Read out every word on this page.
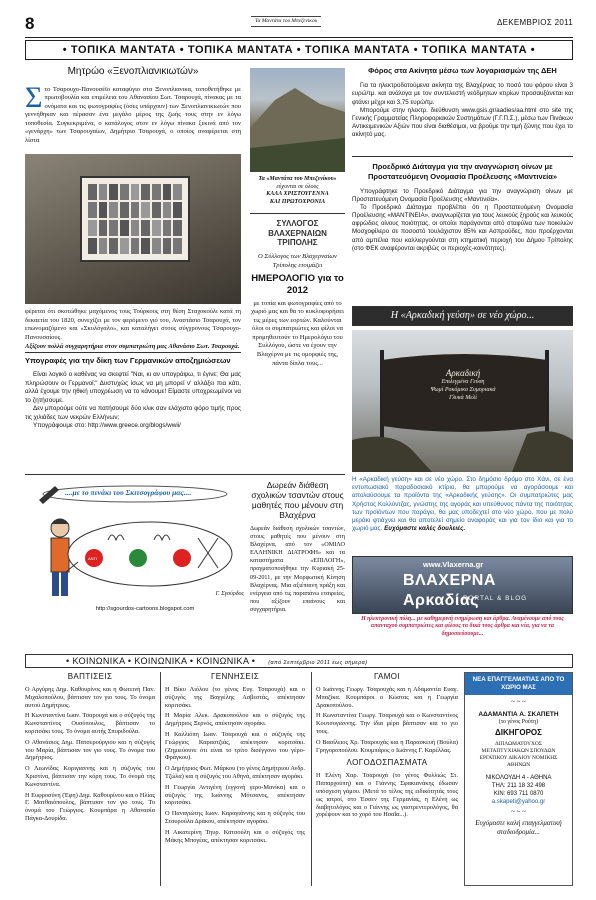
8	Τα Μαντάτα του Μπεζενίκου	ΔΕΚΕΜΒΡΙΟΣ 2011
• ΤΟΠΙΚΑ ΜΑΝΤΑΤΑ • ΤΟΠΙΚΑ ΜΑΝΤΑΤΑ • ΤΟΠΙΚΑ ΜΑΝΤΑΤΑ • ΤΟΠΙΚΑ ΜΑΝΤΑΤΑ •
Μητρώο «Ξενοπλιανικιωτών»
Στο Τσαρουχο-Πανουσέϊο καταφύγιο στα Ξενοπλιανικα, τοποθετήθηκε με πρωτοβουλία και επιμέλεια του Αθανασίου Σωτ. Τσαρουχά, πίνακας με τα ονόματα και τις φωτογραφίες (όσες υπάρχουν) των Ξενοπλιανικιωτών που γεννήθηκαν και πέρασαν ένα μεγάλο μέρος της ζωής τους στην εν λόγω τοποθεσία. Συγκεκριμένα, ο κατάλογος στον εν λόγω πίνακα ξεκινά από τον «γενάρχη» των Τσαρουχαίων, Δημήτριο Τσαρουχά, ο οποίος αναφέρεται στη λίστα
φέρεται ότι σκοτώθηκε μαχόμενος τους Τούρκους στη θέση Σταχοκούλι κατά τη δεκαετία του 1820, συνεχίζει με τον φερόμενο γιό του, Αναστάσιο Τσαρουχά, τον επωνομαζόμενο και «Σκυλόγαλο», και καταλήγει στους σύγχρονους Τσαρουχο-Πανουσαίους.
Αξίζουν πολλά συγχαρητήρια στον συμπατριώτη μας Αθανάσιο Σωτ. Τσαρουχά.
Υπογραφές για την δίκη των Γερμανικών αποζημιώσεων

Είναι λογικό ο καθένας να σκεφτεί "Ναι, κι αν υπογράψω, τι έγινε; Θα μας πληρώσουν οι Γερμανοί;" Δυστυχώς ίσως να μη μπορεί ν' αλλάξει πια κάτι, αλλά έχουμε την ηθική υποχρέωση να το κάνουμε! Είμαστε υποχρεωμένοι να το ζητήσουμε.

Δεν μπορούμε ούτε να πατήσουμε δύο κλικ σαν ελάχιστο φόρο τιμής προς τις χιλιάδες των νεκρών Ελλήνων;

Υπογράφουμε στο: http://www.greece.org/blogs/wwii/

....με το πενάκι του Σκιτσογράφου μας....
ΑΝΤΙ
Γ. Σγούρδος
http://sgourdos-cartoons.blogspot.com
Τα «Μαντάτα του Μπεζενίκου»
εύχονται σε όλους
ΚΑΛΑ ΧΡΙΣΤΟΥΓΕΝΝΑ
ΚΑΙ ΠΡΩΤΟΧΡΟΝΙΑ
ΣΥΛΛΟΓΟΣ ΒΛΑΧΕΡΝΑΙΩΝ ΤΡΙΠΟΛΗΣ
Ο Σύλλογος των Βλαχερναίων Τρίπολης ετοιμάζει
ΗΜΕΡΟΛΟΓΙΟ για το 2012
με τοπία και φωτογραφίες από το χωριό μας και θα το κυκλοφορήσει τις μέρες των εορτών. Καλούνται όλοι οι συμπατριώτες και φίλοι να προμηθευτούν το Ημερολόγιο του Συλλόγου, ώστε να έχουν την Βλαχέρνα με τις ομορφιές της, πάντα δίπλα τους...
Δωρεάν διάθεση σχολικών τσαντών στους μαθητές που μένουν στη Βλαχέρνα
Δωρεάν διάθεση σχολικών τσαντών, στους μαθητές που μένουν στη Βλαχέρνα, από τον «ΟΜΙΛΟ ΕΛΛΗΝΙΚΗ ΔΙΑΤΡΟΦΗ» και τα καταστήματα «ΕΠΙΛΟΓΗ», πραγματοποιήθηκε την Κυριακή 25-09-2011, με την Μορφωτική Κίνηση Βλαχέρνας. Μια αξιέπαινη πράξη και ενέργεια από τις παραπάνω εταιρείες, που αξίζουν επαίνους και συγχαρητήρια.
Φόρος στα Ακίνητα μέσω των λογαριασμών της ΔΕΗ

Για τα ηλεκτροδοτούμενα ακίνητα της Βλαχέρνας το ποσό του φόρου είναι 3 ευρώ/τμ. και ανάλογα με τον συντελεστή νεόδμητων κτιρίων προσαυξάνεται και φτάνει μέχρι και 3,75 ευρώ/τμ.

Μπορούμε στην ηλεκτρ. διεύθυνση www.gsis.gr/aadies/aa.html στο site της Γενικής Γραμματείας Πληροφοριακών Συστημάτων (Γ.Γ.Π.Σ.), μέσω των Πινάκων Αντικειμενικών Αξιών που είναι διαθέσιμοι, να βρούμε την τιμή ζώνης που έχει το ακίνητό μας.

Προεδρικό Διάταγμα για την αναγνώριση οίνων με Προστατευόμενη Ονομασία Προέλευσης «Μαντινεία»

Υπογράφτηκε το Προεδρικό Διάταγμα για την αναγνώριση οίνων με Προστατευόμενη Ονομασία Προέλευσης «Μαντινεία».

Το Προεδρικό Διάταγμα προβλέπει ότι η Προστατευόμενη Ονομασία Προέλευσης «MANTINEIA», αναγνωρίζεται για τους λευκούς ξηρούς και λευκούς αφρώδεις οίνους ποιότητας, οι οποίοι παράγονται από σταφύλια των ποικιλιών Μοσχοφίλερο σε ποσοστό τουλάχιστον 85% και Ασπρούδες, που προέρχονται από αμπέλια που καλλιεργούνται στη κτηματική περιοχή του Δήμου Τρίπολης (στο ΦΕΚ αναφέρονται ακριβώς οι περιοχές-κοινότητες).

Η «Αρκαδική γεύση» σε νέο χώρο...
Αρκαδική
Επιλεγμένα Γεύση
Ψωμί Ροκόμικο Συμοριακά
Γλυκά Μελί
Η «Αρκαδική γεύση» και σε νέο χώρο. Στο δημόσιο δρόμο στο Χάνι, σε ένα εντυπωσιακό παραδοσιακό κτίριο, θα μπορούμε να αγοράσουμε και απολαύσουμε τα προϊόντα της «Αρκαδικής γεύσης». Οι συμπατριώτες μας Χρήστος Κολλύντζας, γνώστης της αγοράς και υπεύθυνος πάντα της ποιότητας των προϊόντων που παράγει, θα μας υποδεχτεί στο νέο χώρο, που με πολύ μεράκι φτιάχνει και θα αποτελεί σημείο αναφοράς και για τον ίδιο και για το χωριό μας. Ευχόμαστε καλές δουλειές.
www.Vlaxerna.gr
ΒΛΑΧΕΡΝΑ Αρκαδίας
PORTAL & BLOG
Η ηλεκτρονική πύλη... με καθημερινή ενημέρωση και άρθρα. Αναμένουμε από τους απανταχού συμπατριώτες και φίλους τα δικά τους άρθρα και νέα, για να τα δημοσιεύσουμε...
• ΚΟΙΝΩΝΙΚΑ • ΚΟΙΝΩΝΙΚΑ • ΚΟΙΝΩΝΙΚΑ • (από Σεπτέμβριο 2011 έως σήμερα)
ΒΑΠΤΙΣΕΙΣ
Ο Αργύρης Δημ. Καθουρίνος και η Φωτεινή Παν. Μιχαλοπούλου, βάπτισαν τον γιο τους. Το όνομα αυτού Δημήτριος.
Η Κωνσταντίνα Ιωαν. Τσαρουχά και ο σύζυγός της Κωνσταντίνος Ουσόπουλος, βάπτισαν το κοριτσάκι τους. Το όνομα αυτής Σπυριδούλα.
Ο Αθανάσιος Δημ. Πατσερούργιου και η σύζυγός του Μαρία, βάπτισαν τον γιο τους. Το όνομα του Δημήτριος.
Ο Λεωνίδας Κοριγιαννης και η σύζυγός του Χριστίνα, βάπτισαν την κόρη τους. Το όνομά της Κωνσταντίνα.
Η Ευφροσύνη (Έφη) Δημ. Καθουρίνου και ο Ηλίας Γ. Ματθαιόπουλος, βάπτισαν τον γιο τους. Το όνομά του Γεώργιος. Κουμπάρα η Αθανασία Πάγκα-Δουρίδα.
ΓΕΝΝΗΣΕΙΣ
Η Βίκυ Λιόλου (το γένος Ευγ. Τσαρουχά) και ο σύζυγός της Βαγγέλης Ασβεστάς, απέκτησαν κοριτσάκι.
Η Μαρία Αλεκ. Δρακοπούλου και ο σύζυγός της Δημήτριος Ξερνός, απέκτησαν αγοράκι.
Η Καλλιόπη Ιωαν. Τσαρουχά και ο σύζυγός της Γεώργιος Καραστζιάς, απέκτησαν κοριτσάκι. (Ζημιεύουνε ότι είναι το τρίτο δισέγγονο του γέρο-Φράγκου).
Ο Δημήτριος Φωτ. Μάρκου (το γένος Δημήτριου Ανδρ. Τζώλα) και η σύζυγός του Αθηνά, απέκτησαν αγοράκι.
Η Γεωργία Αντιγένη (εγγονή γερο-Μανίκα) και ο σύζυγός της Ιωάννης Μότσανος, απέκτησαν κοριτσάκι.
Ο Παναγιώτης Ιωαν. Καραγιάννης και η σύζυγός του Σταυρούλα Δράκου, απέκτησαν αγοράκι.
Η Αικατερίνη Τηυρ. Κατσούλη και ο σύζυγός της Μάκης Μπογέας, απέκτησαν κοριτσάκι.
ΓΑΜΟΙ
Ο Ιωάννης Γεωργ. Τσαρουχάς και η Αδαμαντία Ευαγ. Μπαζίκα. Κουμπάροι ο Κώστας και η Γεωργία Δρακοπούλου.
Η Κωνσταντίνα Γεωργ. Τσαρουχά και ο Κωνσταντίνος Κουτσογιάννης. Την ίδια μέρα βάπτισαν και το γιο τους.
Ο Βασίλειος Χρ. Τσαρουχάς και η Παρασκευή (Βούλα) Γρηγοροπούλου. Κουμπάρος ο Ιωάννης Γ. Καρέλλας.
ΛΟΓΟΔΟΣΠΑΣΜΑΤΑ
Η Ελένη Χαρ. Τσαρουχά (το γένος Φυλλιώς Στ. Παπαρχούπη) και ο Γιάννης Σφακιανάκης έδωσαν υπόσχεση γάμου. (Μετά το τέλος της ειδικότητάς τους ως ιατροί, στο Έσσεν της Γερμανίας, η Ελένη ως διαβητολόγος και ο Γιάννης ως γαστρεντερολόγος, θα χορέψουν και το χορό του Ησαΐα...).
ΝΕΑ ΕΠΑΓΓΕΛΜΑΤΙΑΣ ΑΠΟ ΤΟ ΧΩΡΙΟ ΜΑΣ
~ ~ ~
ΑΔΑΜΑΝΤΙΑ Α. ΣΚΑΠΕΤΗ
(το γένος Ρούτη)
ΔΙΚΗΓΟΡΟΣ
ΔΙΠΛΩΜΑΤΟΥΧΟΣ ΜΕΤΑΠΤΥΧΙΑΚΩΝ ΣΠΟΥΔΩΝ ΕΡΓΑΤΙΚΟΥ ΔΙΚΑΙΟΥ ΝΟΜΙΚΗΣ ΑΘΗΝΩΝ
ΝΙΚΟΛΟΥΔΗ 4 - ΑΘΗΝΑ
ΤΗΛ: 211 18 32 498
ΚΙΝ: 693 711 0870
a.skapeti@yahoo.gr
~ ~ ~
Ευχόμαστε καλή επαγγελματική σταδιοδρομία...
